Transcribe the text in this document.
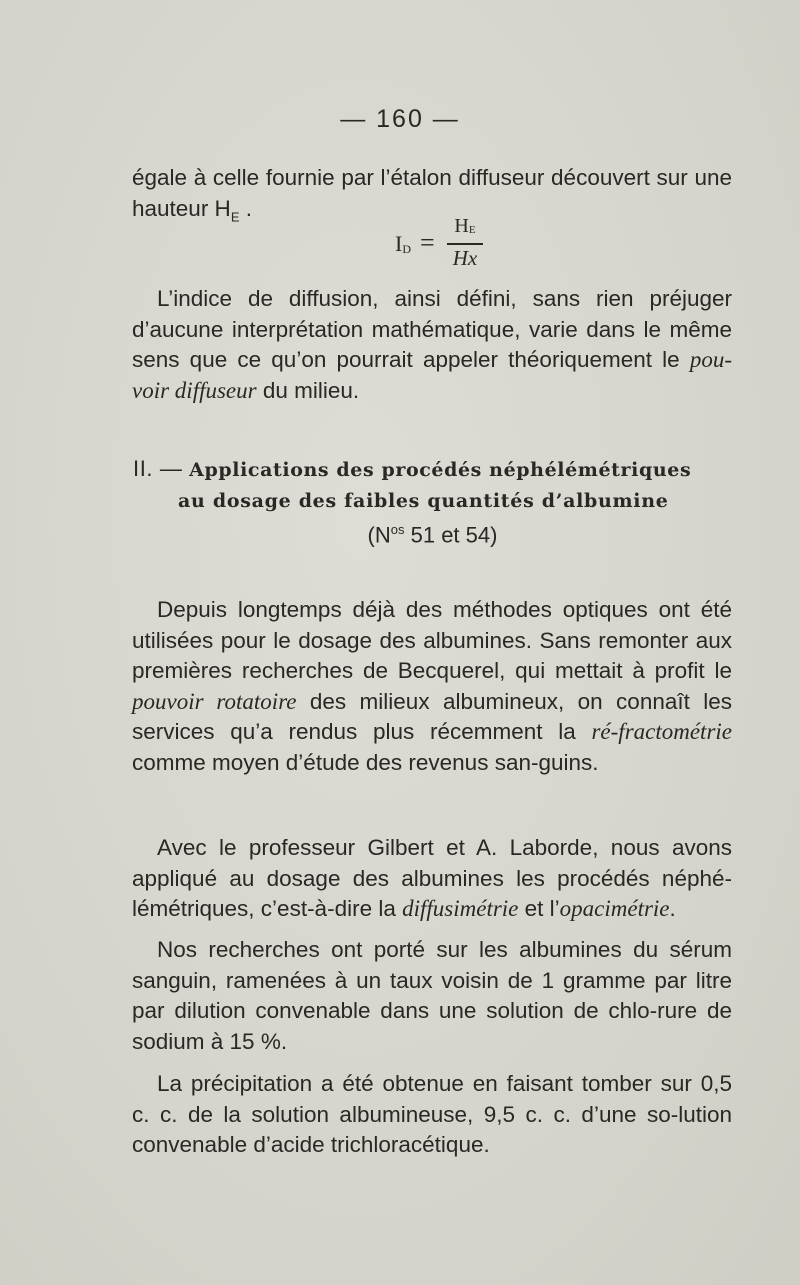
— 160 —

égale à celle fournie par l’étalon diffuseur découvert sur une hauteur $H_E$ .

$I_D$ =
$H_E$
Hx

L’indice de diffusion, ainsi défini, sans rien préjuger d’aucune interprétation mathématique, varie dans le même sens que ce qu’on pourrait appeler théoriquement le pou-voir diffuseur du milieu.

II. — Applications des procédés néphélémétriques
au dosage des faibles quantités d’albumine
($N^{os}$ 51 et 54)

Depuis longtemps déjà des méthodes optiques ont été utilisées pour le dosage des albumines. Sans remonter aux premières recherches de Becquerel, qui mettait à profit le pouvoir rotatoire des milieux albumineux, on connaît les services qu’a rendus plus récemment la ré-fractométrie comme moyen d’étude des revenus san-guins.

Avec le professeur Gilbert et A. Laborde, nous avons appliqué au dosage des albumines les procédés néphé-lémétriques, c’est-à-dire la diffusimétrie et l’opacimétrie.

Nos recherches ont porté sur les albumines du sérum sanguin, ramenées à un taux voisin de 1 gramme par litre par dilution convenable dans une solution de chlo-rure de sodium à 15 %.

La précipitation a été obtenue en faisant tomber sur 0,5 c. c. de la solution albumineuse, 9,5 c. c. d’une so-lution convenable d’acide trichloracétique.
